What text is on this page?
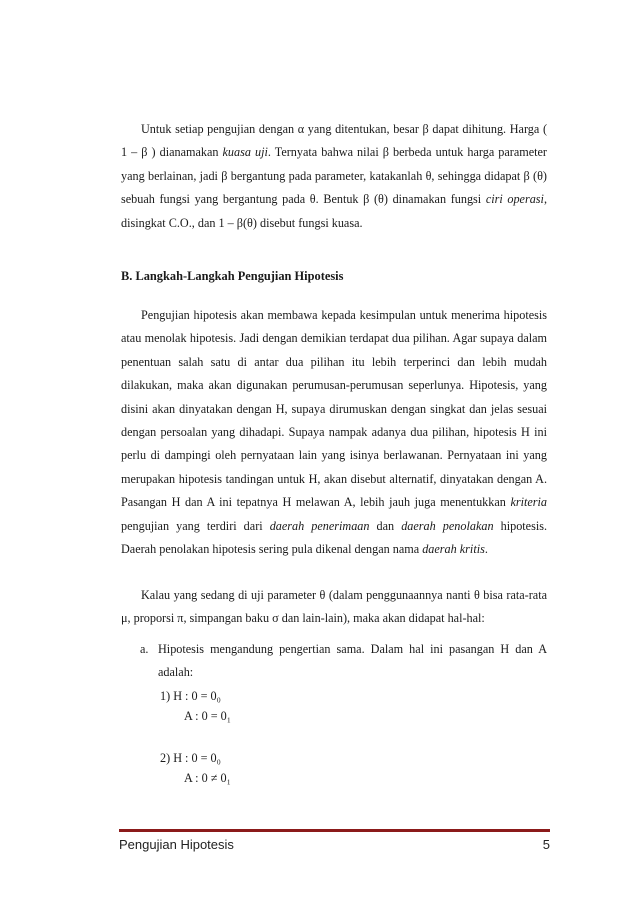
Untuk setiap pengujian dengan α yang ditentukan, besar β dapat dihitung. Harga ( 1 – β ) dianamakan kuasa uji. Ternyata bahwa nilai β berbeda untuk harga parameter yang berlainan, jadi β bergantung pada parameter, katakanlah θ, sehingga didapat β (θ) sebuah fungsi yang bergantung pada θ. Bentuk β (θ) dinamakan fungsi ciri operasi, disingkat C.O., dan 1 – β(θ) disebut fungsi kuasa.

B. Langkah-Langkah Pengujian Hipotesis

Pengujian hipotesis akan membawa kepada kesimpulan untuk menerima hipotesis atau menolak hipotesis. Jadi dengan demikian terdapat dua pilihan. Agar supaya dalam penentuan salah satu di antar dua pilihan itu lebih terperinci dan lebih mudah dilakukan, maka akan digunakan perumusan-perumusan seperlunya. Hipotesis, yang disini akan dinyatakan dengan H, supaya dirumuskan dengan singkat dan jelas sesuai dengan persoalan yang dihadapi. Supaya nampak adanya dua pilihan, hipotesis H ini perlu di dampingi oleh pernyataan lain yang isinya berlawanan. Pernyataan ini yang merupakan hipotesis tandingan untuk H, akan disebut alternatif, dinyatakan dengan A. Pasangan H dan A ini tepatnya H melawan A, lebih jauh juga menentukkan kriteria pengujian yang terdiri dari daerah penerimaan dan daerah penolakan hipotesis. Daerah penolakan hipotesis sering pula dikenal dengan nama daerah kritis.

Kalau yang sedang di uji parameter θ (dalam penggunaannya nanti θ bisa rata-rata μ, proporsi π, simpangan baku σ dan lain-lain), maka akan didapat hal-hal:

a. Hipotesis mengandung pengertian sama. Dalam hal ini pasangan H dan A adalah:
1) H : 0 = 0₀
A : 0 = 0₁
2) H : 0 = 0₀
A : 0 ≠ 0₁
Pengujian Hipotesis	5
